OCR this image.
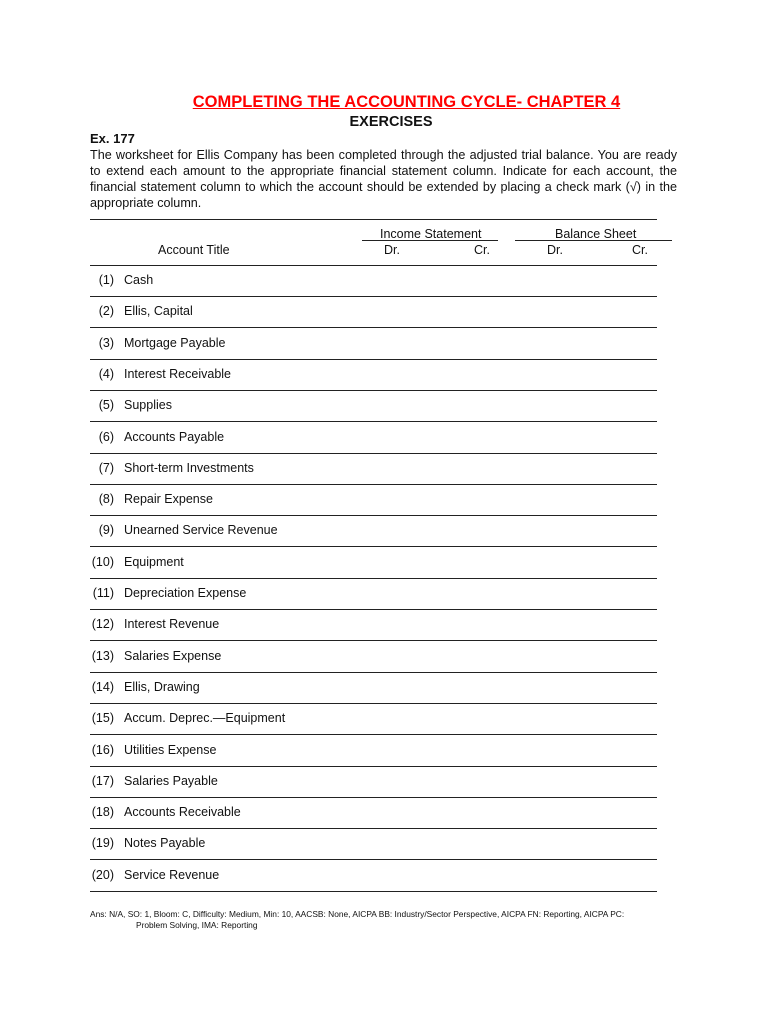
COMPLETING THE ACCOUNTING CYCLE- CHAPTER 4
EXERCISES
Ex. 177
The worksheet for Ellis Company has been completed through the adjusted trial balance. You are ready to extend each amount to the appropriate financial statement column. Indicate for each account, the financial statement column to which the account should be extended by placing a check mark (√) in the appropriate column.
Income Statement	Balance Sheet
Account Title	Dr.	Cr.	Dr.	Cr.
(1) Cash
(2) Ellis, Capital
(3) Mortgage Payable
(4) Interest Receivable
(5) Supplies
(6) Accounts Payable
(7) Short-term Investments
(8) Repair Expense
(9) Unearned Service Revenue
(10) Equipment
(11) Depreciation Expense
(12) Interest Revenue
(13) Salaries Expense
(14) Ellis, Drawing
(15) Accum. Deprec.—Equipment
(16) Utilities Expense
(17) Salaries Payable
(18) Accounts Receivable
(19) Notes Payable
(20) Service Revenue
Ans: N/A, SO: 1, Bloom: C, Difficulty: Medium, Min: 10, AACSB: None, AICPA BB: Industry/Sector Perspective, AICPA FN: Reporting, AICPA PC:
Problem Solving, IMA: Reporting
